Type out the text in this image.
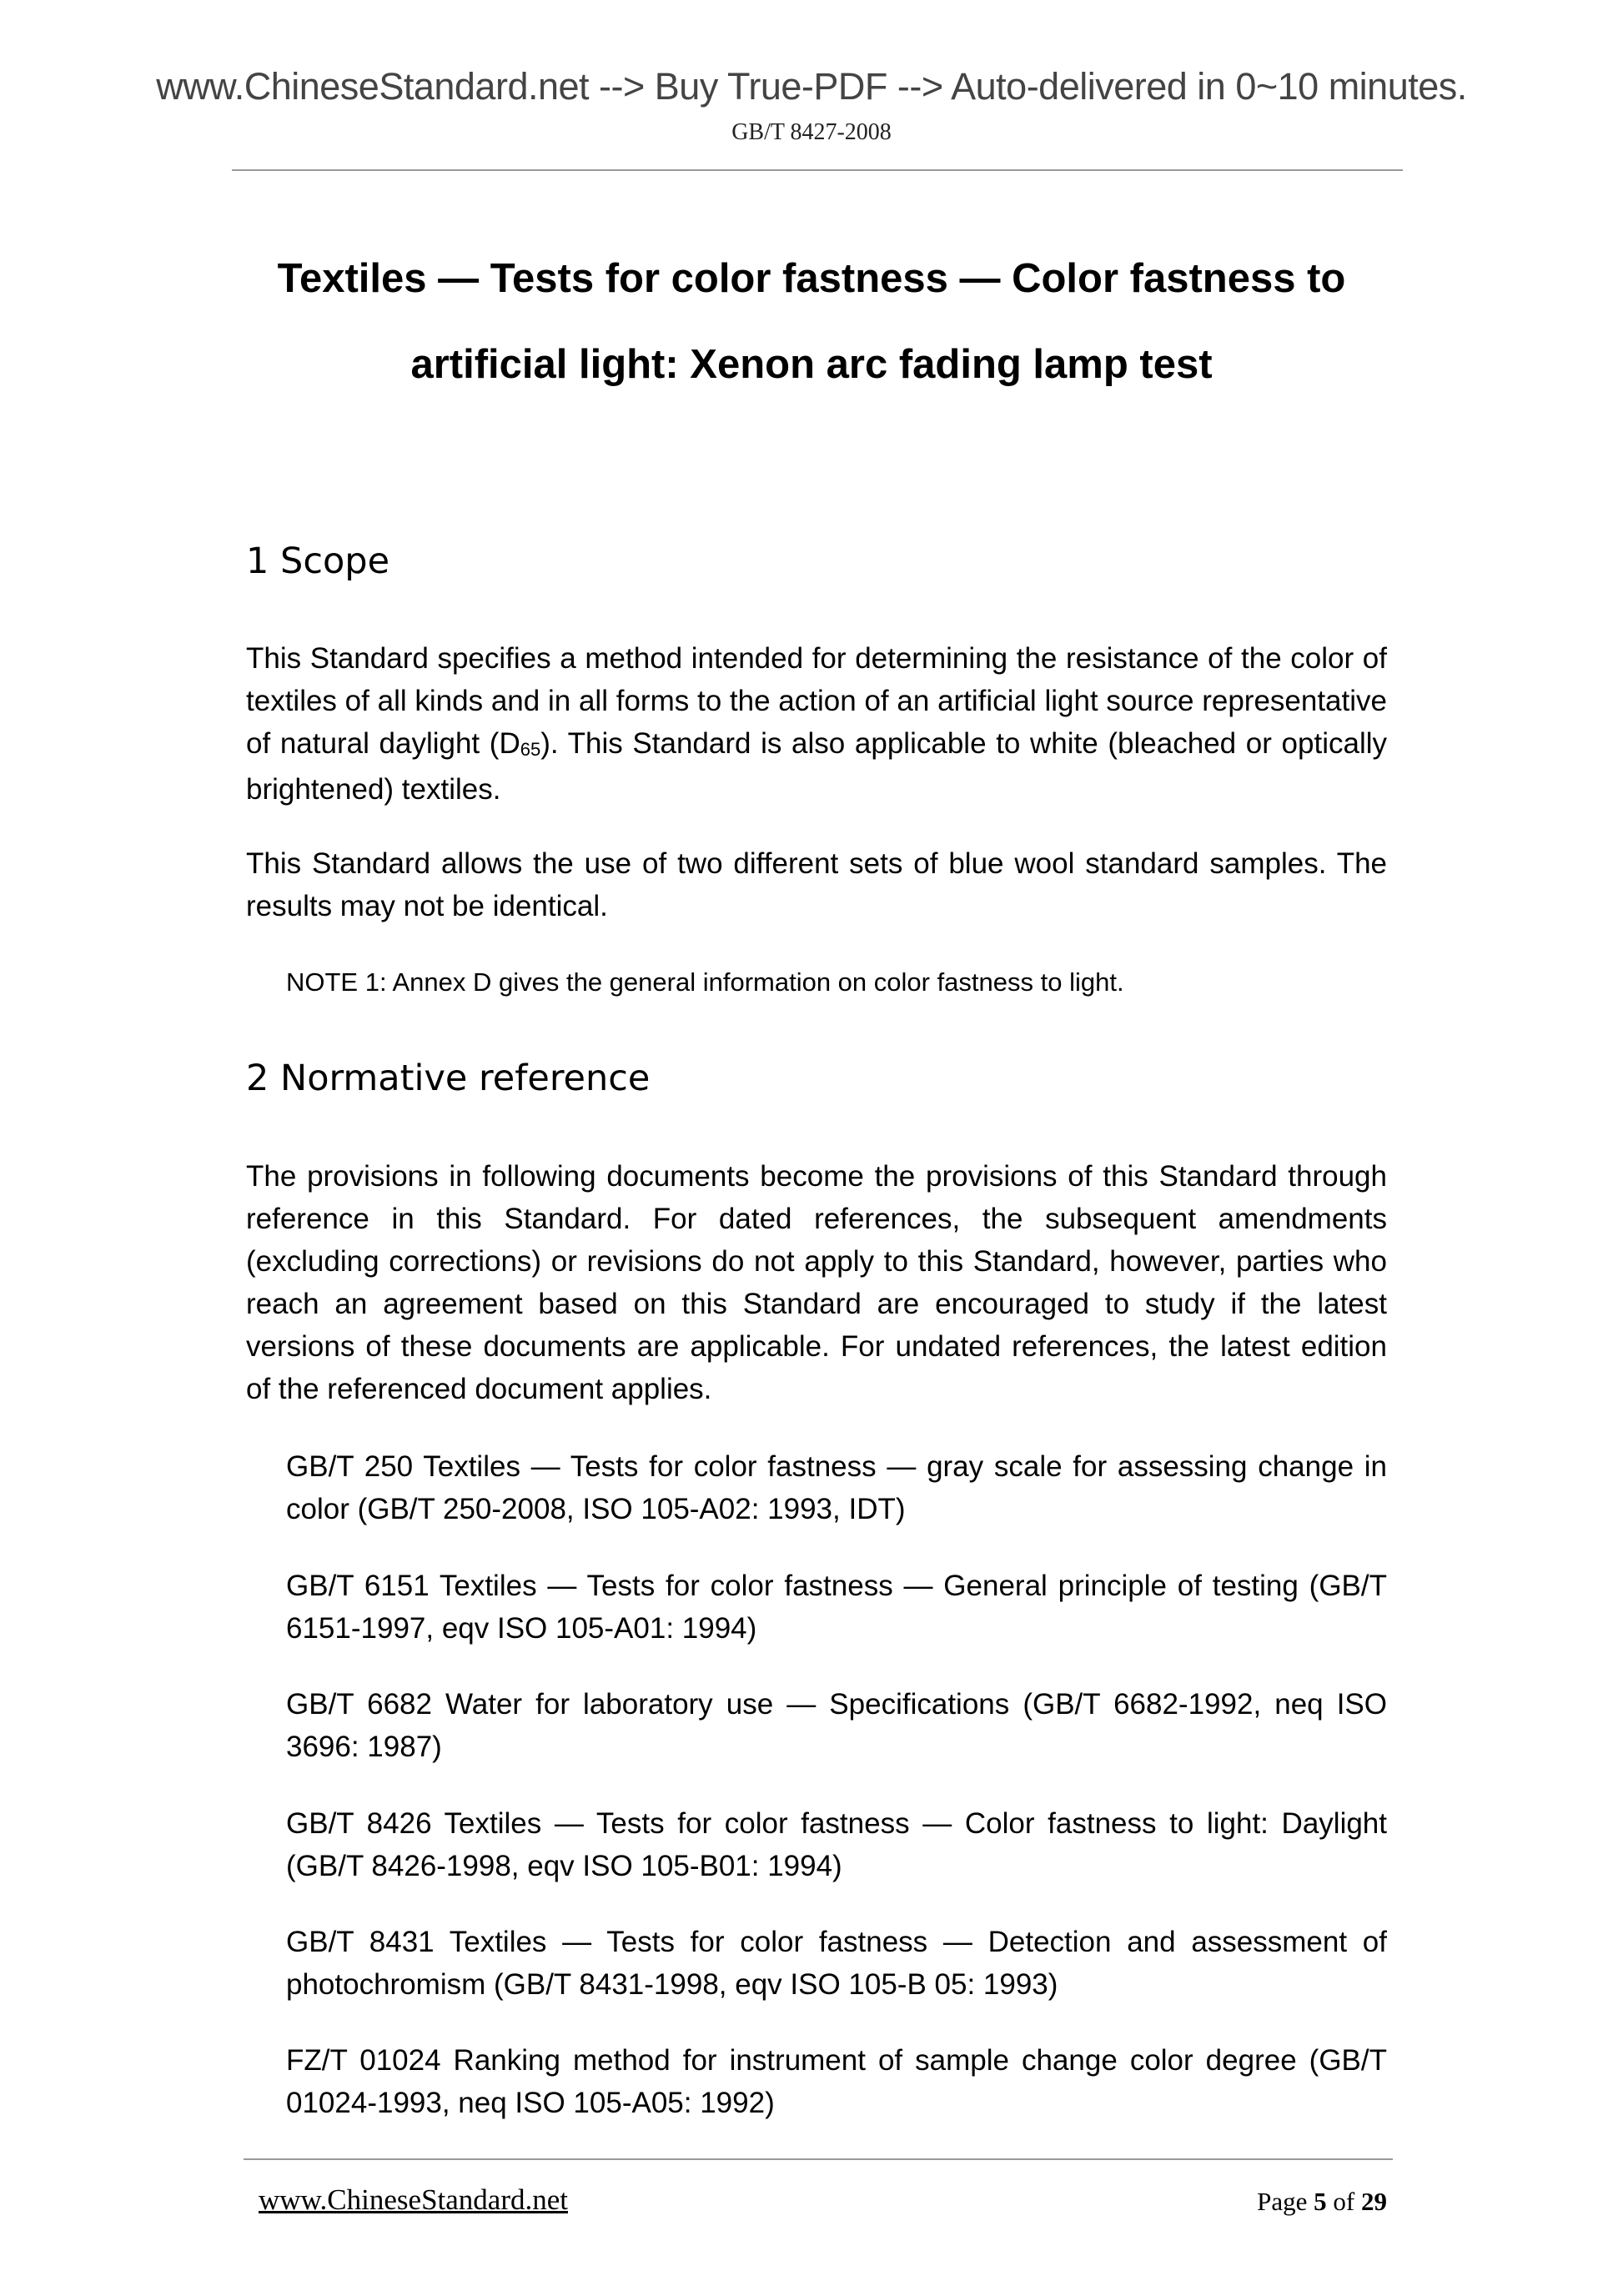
www.ChineseStandard.net --> Buy True-PDF --> Auto-delivered in 0~10 minutes.
GB/T 8427-2008
Textiles — Tests for color fastness — Color fastness to
artificial light: Xenon arc fading lamp test
1 Scope
This Standard specifies a method intended for determining the resistance of the color of textiles of all kinds and in all forms to the action of an artificial light source representative of natural daylight $(D_{65})$. This Standard is also applicable to white (bleached or optically brightened) textiles.
This Standard allows the use of two different sets of blue wool standard samples. The results may not be identical.
NOTE 1: Annex D gives the general information on color fastness to light.
2 Normative reference
The provisions in following documents become the provisions of this Standard through reference in this Standard. For dated references, the subsequent amendments (excluding corrections) or revisions do not apply to this Standard, however, parties who reach an agreement based on this Standard are encouraged to study if the latest versions of these documents are applicable. For undated references, the latest edition of the referenced document applies.
GB/T 250 Textiles — Tests for color fastness — gray scale for assessing change in color (GB/T 250-2008, ISO 105-A02: 1993, IDT)
GB/T 6151 Textiles — Tests for color fastness — General principle of testing (GB/T 6151-1997, eqv ISO 105-A01: 1994)
GB/T 6682 Water for laboratory use — Specifications (GB/T 6682-1992, neq ISO 3696: 1987)
GB/T 8426 Textiles — Tests for color fastness — Color fastness to light: Daylight (GB/T 8426-1998, eqv ISO 105-B01: 1994)
GB/T 8431 Textiles — Tests for color fastness — Detection and assessment of photochromism (GB/T 8431-1998, eqv ISO 105-B 05: 1993)
FZ/T 01024 Ranking method for instrument of sample change color degree (GB/T 01024-1993, neq ISO 105-A05: 1992)
www.ChineseStandard.net	Page 5 of 29
